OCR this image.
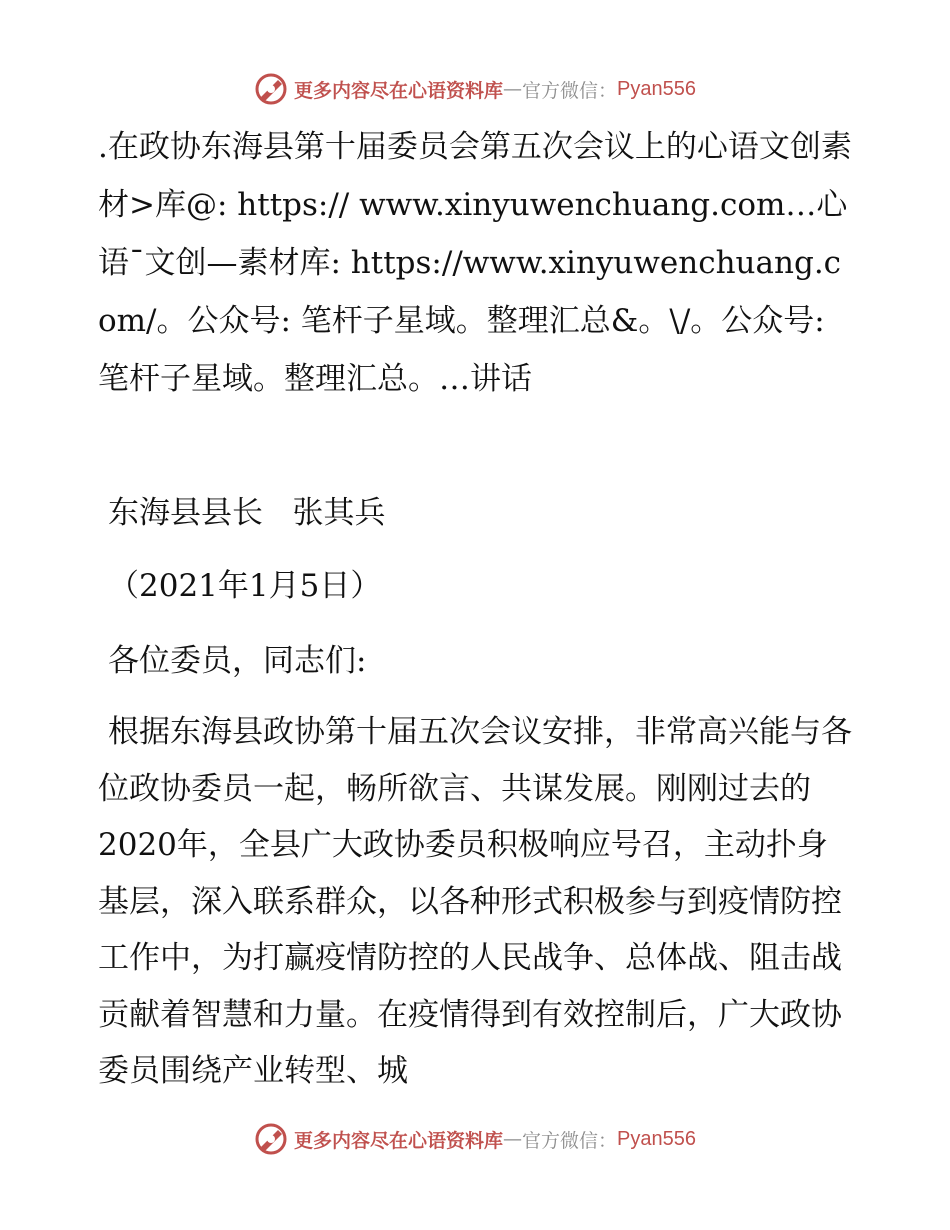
更多内容尽在心语资料库 — 官方微信： Pyan556
.在政协东海县第十届委员会第五次会议上的心语文创素材>库@: https:// www.xinyuwenchuang.com…心语¯文创—素材库: https://www.xinyuwenchuang.com/。公众号: 笔杆子星域。整理汇总&。\/。公众号: 笔杆子星域。整理汇总。…讲话
东海县县长   张其兵
（2021年1月5日）
各位委员，同志们:
根据东海县政协第十届五次会议安排，非常高兴能与各位政协委员一起，畅所欲言、共谋发展。刚刚过去的2020年，全县广大政协委员积极响应号召，主动扑身基层，深入联系群众，以各种形式积极参与到疫情防控工作中，为打赢疫情防控的人民战争、总体战、阻击战贡献着智慧和力量。在疫情得到有效控制后，广大政协委员围绕产业转型、城
更多内容尽在心语资料库 — 官方微信： Pyan556
